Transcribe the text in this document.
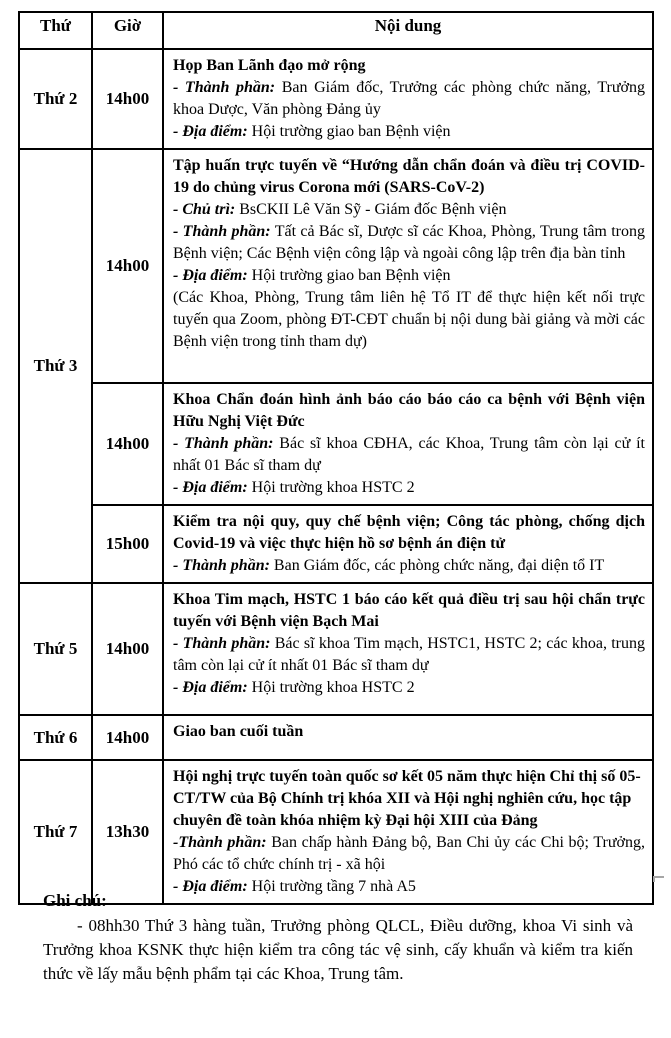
Thứ	Giờ	Nội dung
Thứ 2	14h00	Họp Ban Lãnh đạo mở rộng

- Thành phần: Ban Giám đốc, Trưởng các phòng chức năng, Trưởng khoa Dược, Văn phòng Đảng ủy

- Địa điểm: Hội trường giao ban Bệnh viện

Thứ 3	14h00	Tập huấn trực tuyến về “Hướng dẫn chẩn đoán và điều trị COVID-19 do chủng virus Corona mới (SARS-CoV-2)

- Chủ trì: BsCKII Lê Văn Sỹ - Giám đốc Bệnh viện

- Thành phần: Tất cả Bác sĩ, Dược sĩ các Khoa, Phòng, Trung tâm trong Bệnh viện; Các Bệnh viện công lập và ngoài công lập trên địa bàn tỉnh

- Địa điểm: Hội trường giao ban Bệnh viện

(Các Khoa, Phòng, Trung tâm liên hệ Tổ IT để thực hiện kết nối trực tuyến qua Zoom, phòng ĐT-CĐT chuẩn bị nội dung bài giảng và mời các Bệnh viện trong tỉnh tham dự)

	14h00	Khoa Chẩn đoán hình ảnh báo cáo báo cáo ca bệnh với Bệnh viện Hữu Nghị Việt Đức

- Thành phần: Bác sĩ khoa CĐHA, các Khoa, Trung tâm còn lại cử ít nhất 01 Bác sĩ tham dự

- Địa điểm: Hội trường khoa HSTC 2

	15h00	Kiểm tra nội quy, quy chế bệnh viện; Công tác phòng, chống dịch Covid-19 và việc thực hiện hồ sơ bệnh án điện tử

- Thành phần: Ban Giám đốc, các phòng chức năng, đại diện tổ IT

Thứ 5	14h00	Khoa Tim mạch, HSTC 1 báo cáo kết quả điều trị sau hội chẩn trực tuyến với Bệnh viện Bạch Mai

- Thành phần: Bác sĩ khoa Tim mạch, HSTC1, HSTC 2; các khoa, trung tâm còn lại cử ít nhất 01 Bác sĩ tham dự

- Địa điểm: Hội trường khoa HSTC 2

Thứ 6	14h00	Giao ban cuối tuần

Thứ 7	13h30	Hội nghị trực tuyến toàn quốc sơ kết 05 năm thực hiện Chỉ thị số 05-CT/TW của Bộ Chính trị khóa XII và Hội nghị nghiên cứu, học tập chuyên đề toàn khóa nhiệm kỳ Đại hội XIII của Đảng

-Thành phần: Ban chấp hành Đảng bộ, Ban Chi ủy các Chi bộ; Trưởng, Phó các tổ chức chính trị - xã hội

- Địa điểm: Hội trường tầng 7 nhà A5

Ghi chú:

- 08hh30 Thứ 3 hàng tuần, Trưởng phòng QLCL, Điều dưỡng, khoa Vi sinh và Trưởng khoa KSNK thực hiện kiểm tra công tác vệ sinh, cấy khuẩn và kiểm tra kiến thức về lấy mẫu bệnh phẩm tại các Khoa, Trung tâm.
